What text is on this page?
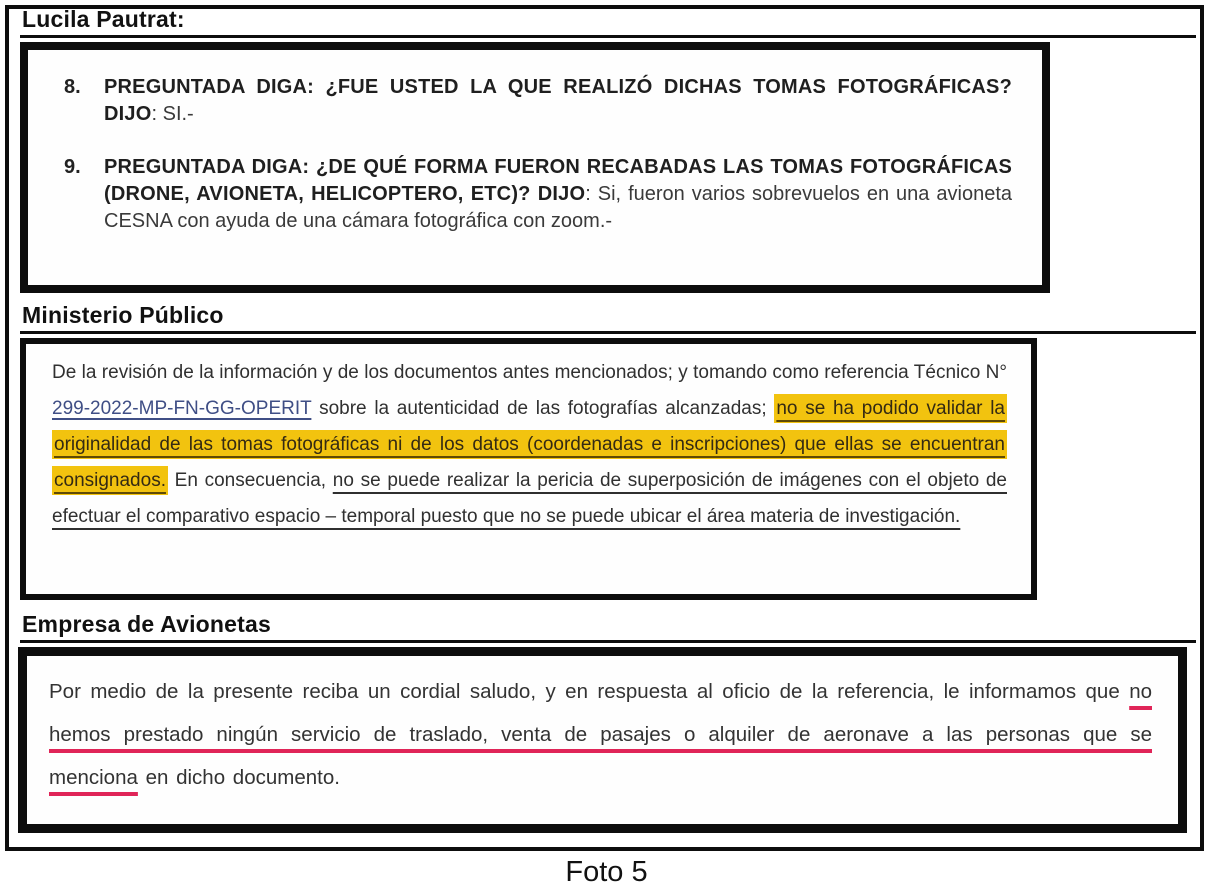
Lucila Pautrat:
8.	PREGUNTADA DIGA: ¿FUE USTED LA QUE REALIZÓ DICHAS TOMAS FOTOGRÁFICAS? DIJO: SI.-
9.	PREGUNTADA DIGA: ¿DE QUÉ FORMA FUERON RECABADAS LAS TOMAS FOTOGRÁFICAS (DRONE, AVIONETA, HELICOPTERO, ETC)? DIJO: Si, fueron varios sobrevuelos en una avioneta CESNA con ayuda de una cámara fotográfica con zoom.-
Ministerio Público

De la revisión de la información y de los documentos antes mencionados; y tomando como referencia Técnico N° 299-2022-MP-FN-GG-OPERIT sobre la autenticidad de las fotografías alcanzadas; no se ha podido validar la originalidad de las tomas fotográficas ni de los datos (coordenadas e inscripciones) que ellas se encuentran consignados. En consecuencia, no se puede realizar la pericia de superposición de imágenes con el objeto de efectuar el comparativo espacio – temporal puesto que no se puede ubicar el área materia de investigación.

Empresa de Avionetas

Por medio de la presente reciba un cordial saludo, y en respuesta al oficio de la referencia, le informamos que no hemos prestado ningún servicio de traslado, venta de pasajes o alquiler de aeronave a las personas que se menciona en dicho documento.

Foto 5
